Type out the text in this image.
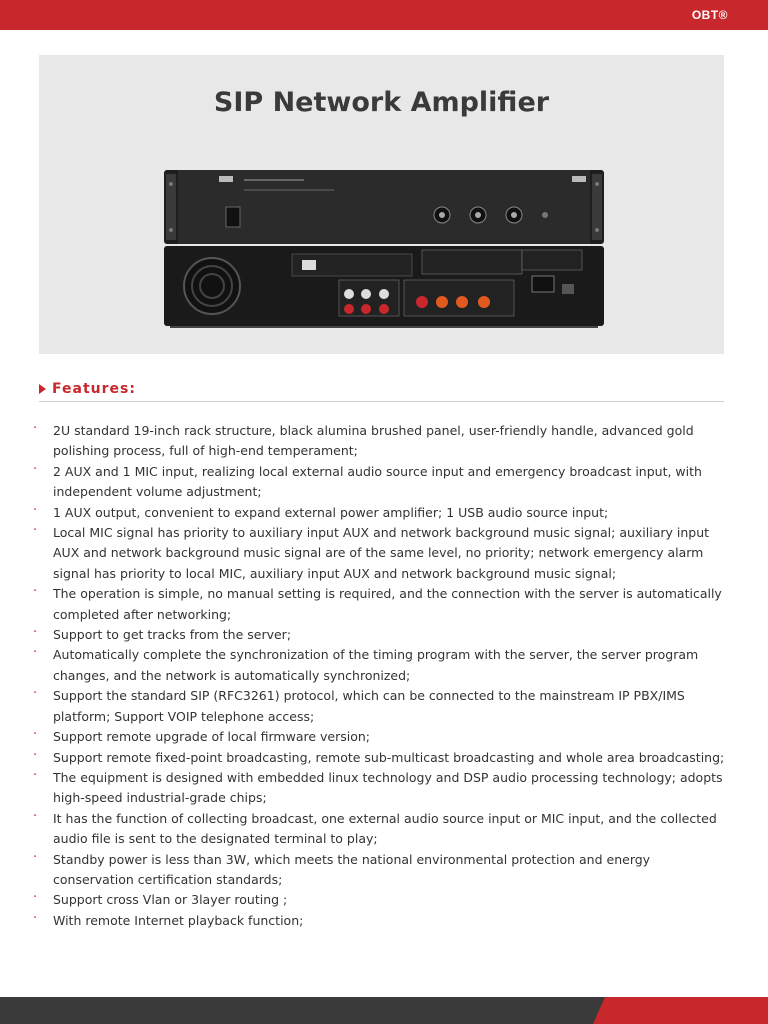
OBT®
SIP Network Amplifier
Features:
· 2U standard 19-inch rack structure, black alumina brushed panel, user-friendly handle, advanced gold polishing process, full of high-end temperament;
· 2 AUX and 1 MIC input, realizing local external audio source input and emergency broadcast input, with independent volume adjustment;
· 1 AUX output, convenient to expand external power amplifier; 1 USB audio source input;
· Local MIC signal has priority to auxiliary input AUX and network background music signal; auxiliary input AUX and network background music signal are of the same level, no priority; network emergency alarm signal has priority to local MIC, auxiliary input AUX and network background music signal;
· The operation is simple, no manual setting is required, and the connection with the server is automatically completed after networking;
· Support to get tracks from the server;
· Automatically complete the synchronization of the timing program with the server, the server program changes, and the network is automatically synchronized;
· Support the standard SIP (RFC3261) protocol, which can be connected to the mainstream IP PBX/IMS platform; Support VOIP telephone access;
· Support remote upgrade of local firmware version;
· Support remote fixed-point broadcasting, remote sub-multicast broadcasting and whole area broadcasting;
· The equipment is designed with embedded linux technology and DSP audio processing technology; adopts high-speed industrial-grade chips;
· It has the function of collecting broadcast, one external audio source input or MIC input, and the collected audio file is sent to the designated terminal to play;
· Standby power is less than 3W, which meets the national environmental protection and energy conservation certification standards;
· Support cross Vlan or 3layer routing ;
· With remote Internet playback function;
